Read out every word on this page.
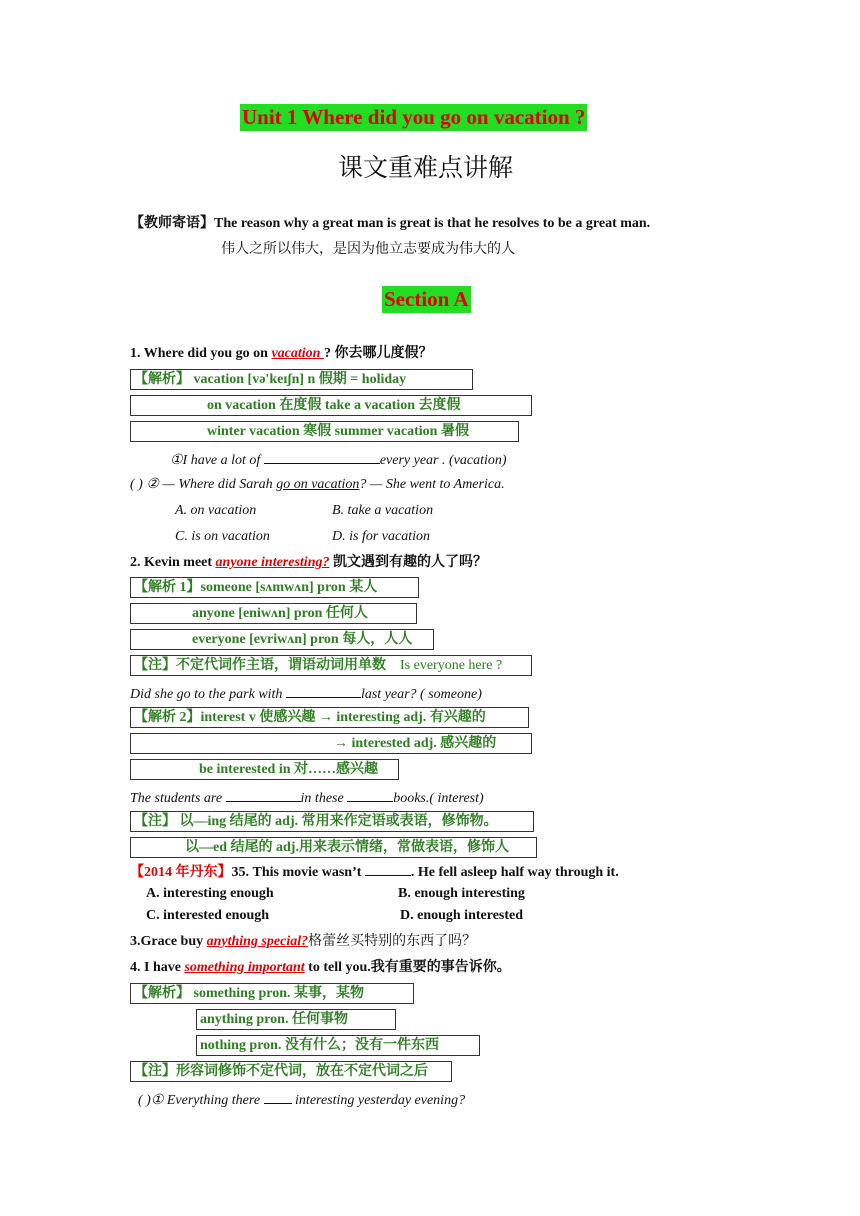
Unit 1 Where did you go on vacation ?
课文重难点讲解
【教师寄语】The reason why a great man is great is that he resolves to be a great man.
伟人之所以伟大，是因为他立志要成为伟大的人
Section A
1. Where did you go on vacation ? 你去哪儿度假？
【解析】 vacation [və'keɪʃn] n 假期 = holiday
on vacation 在度假 take a vacation 去度假
winter vacation 寒假 summer vacation 暑假
①I have a lot of	every year . (vacation)
( ) ② — Where did Sarah go on vacation? — She went to America.
A. on vacation	B. take a vacation
C. is on vacation	D. is for vacation
2. Kevin meet anyone interesting? 凯文遇到有趣的人了吗？
【解析 1】someone [sʌmwʌn] pron 某人
anyone [eniwʌn] pron 任何人
everyone [evriwʌn] pron 每人，人人
【注】不定代词作主语，谓语动词用单数 Is everyone here ?
Did she go to the park with	last year? ( someone)
【解析 2】interest v 使感兴趣 → interesting adj. 有兴趣的
→ interested adj. 感兴趣的
be interested in 对……感兴趣
The students are	in these	books.( interest)
【注】 以—ing 结尾的 adj. 常用来作定语或表语，修饰物。
以—ed 结尾的 adj.用来表示情绪，常做表语，修饰人
【2014 年丹东】35. This movie wasn’t	. He fell asleep half way through it.
A. interesting enough	B. enough interesting
C. interested enough	D. enough interested
3.Grace buy anything special?格蕾丝买特别的东西了吗？
4. I have something important to tell you.我有重要的事告诉你。
【解析】 something pron. 某事，某物
anything pron. 任何事物
nothing pron. 没有什么；没有一件东西
【注】形容词修饰不定代词，放在不定代词之后
( )① Everything there  interesting yesterday evening?
